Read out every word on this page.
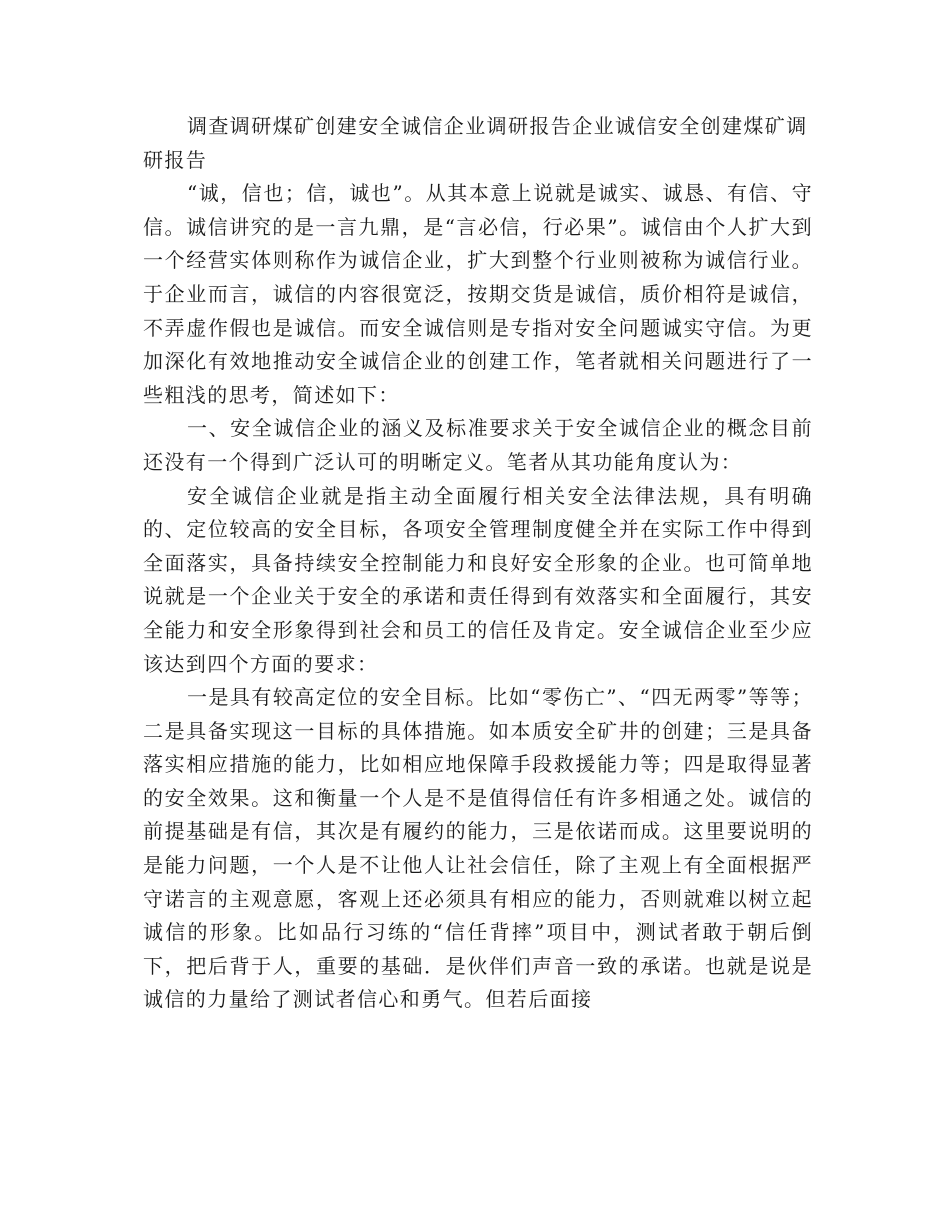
调查调研煤矿创建安全诚信企业调研报告企业诚信安全创建煤矿调研报告

“诚，信也；信，诚也”。从其本意上说就是诚实、诚恳、有信、守信。诚信讲究的是一言九鼎，是“言必信，行必果”。诚信由个人扩大到一个经营实体则称作为诚信企业，扩大到整个行业则被称为诚信行业。于企业而言，诚信的内容很宽泛，按期交货是诚信，质价相符是诚信，不弄虚作假也是诚信。而安全诚信则是专指对安全问题诚实守信。为更加深化有效地推动安全诚信企业的创建工作，笔者就相关问题进行了一些粗浅的思考，简述如下：

一、安全诚信企业的涵义及标准要求关于安全诚信企业的概念目前还没有一个得到广泛认可的明晰定义。笔者从其功能角度认为：

安全诚信企业就是指主动全面履行相关安全法律法规，具有明确的、定位较高的安全目标，各项安全管理制度健全并在实际工作中得到全面落实，具备持续安全控制能力和良好安全形象的企业。也可简单地说就是一个企业关于安全的承诺和责任得到有效落实和全面履行，其安全能力和安全形象得到社会和员工的信任及肯定。安全诚信企业至少应该达到四个方面的要求：

一是具有较高定位的安全目标。比如“零伤亡”、“四无两零”等等；二是具备实现这一目标的具体措施。如本质安全矿井的创建；三是具备落实相应措施的能力，比如相应地保障手段救援能力等；四是取得显著的安全效果。这和衡量一个人是不是值得信任有许多相通之处。诚信的前提基础是有信，其次是有履约的能力，三是依诺而成。这里要说明的是能力问题，一个人是不让他人让社会信任，除了主观上有全面根据严守诺言的主观意愿，客观上还必须具有相应的能力，否则就难以树立起诚信的形象。比如品行习练的“信任背摔”项目中，测试者敢于朝后倒下，把后背于人，重要的基础．是伙伴们声音一致的承诺。也就是说是诚信的力量给了测试者信心和勇气。但若后面接
